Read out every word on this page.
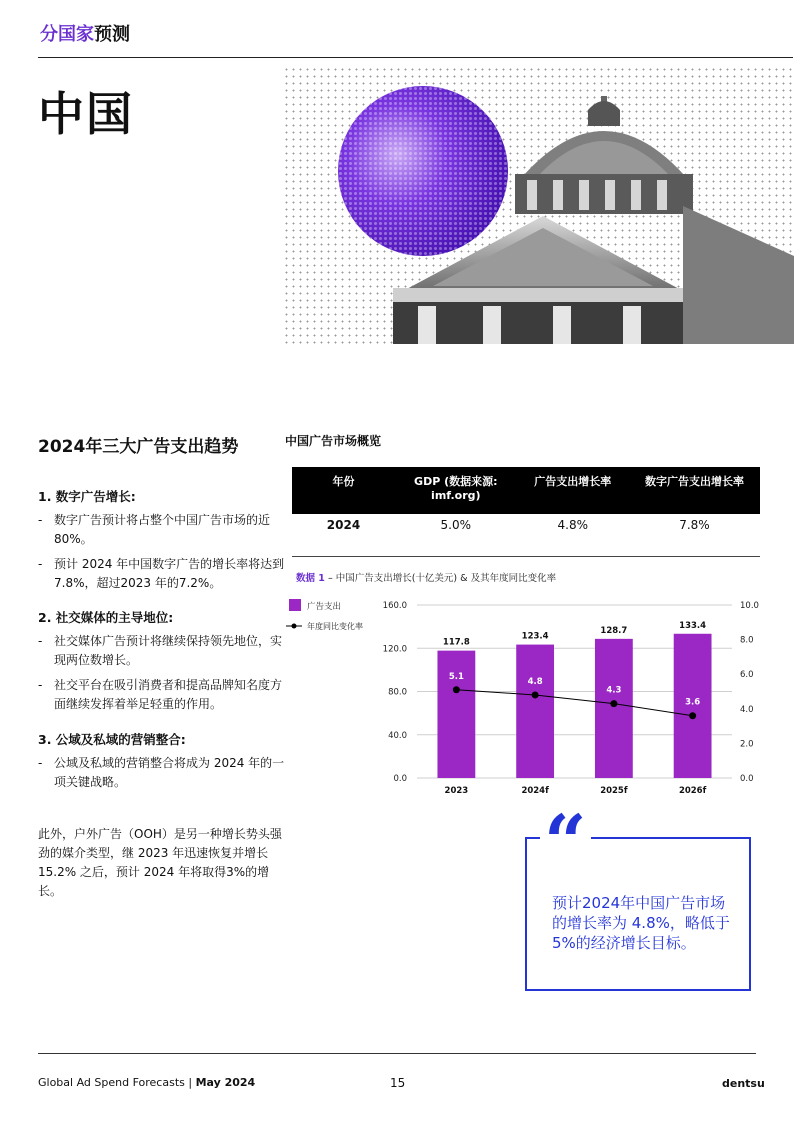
分国家预测
中国
2024年三大广告支出趋势
1. 数字广告增长:
- 数字广告预计将占整个中国广告市场的近80%。
- 预计 2024 年中国数字广告的增长率将达到7.8%，超过2023 年的7.2%。
2. 社交媒体的主导地位:
- 社交媒体广告预计将继续保持领先地位，实现两位数增长。
- 社交平台在吸引消费者和提高品牌知名度方面继续发挥着举足轻重的作用。
3. 公域及私域的营销整合:
- 公域及私域的营销整合将成为 2024 年的一项关键战略。
此外，户外广告（OOH）是另一种增长势头强劲的媒介类型，继 2023 年迅速恢复并增长 15.2% 之后，预计 2024 年将取得3%的增长。
中国广告市场概览
年份	GDP (数据来源: imf.org)	广告支出增长率	数字广告支出增长率
2024	5.0%	4.8%	7.8%
数据 1 – 中国广告支出增长(十亿美元) & 及其年度同比变化率
0.0
40.0
80.0
120.0
160.0
0.0
2.0
4.0
6.0
8.0
10.0
117.8
123.4
128.7
133.4
2023	2024f	2025f	2026f
5.1
4.8
4.3
3.6
广告支出
年度同比变化率
“
预计2024年中国广告市场的增长率为 4.8%，略低于5%的经济增长目标。
Global Ad Spend Forecasts | May 2024	15	dentsu
